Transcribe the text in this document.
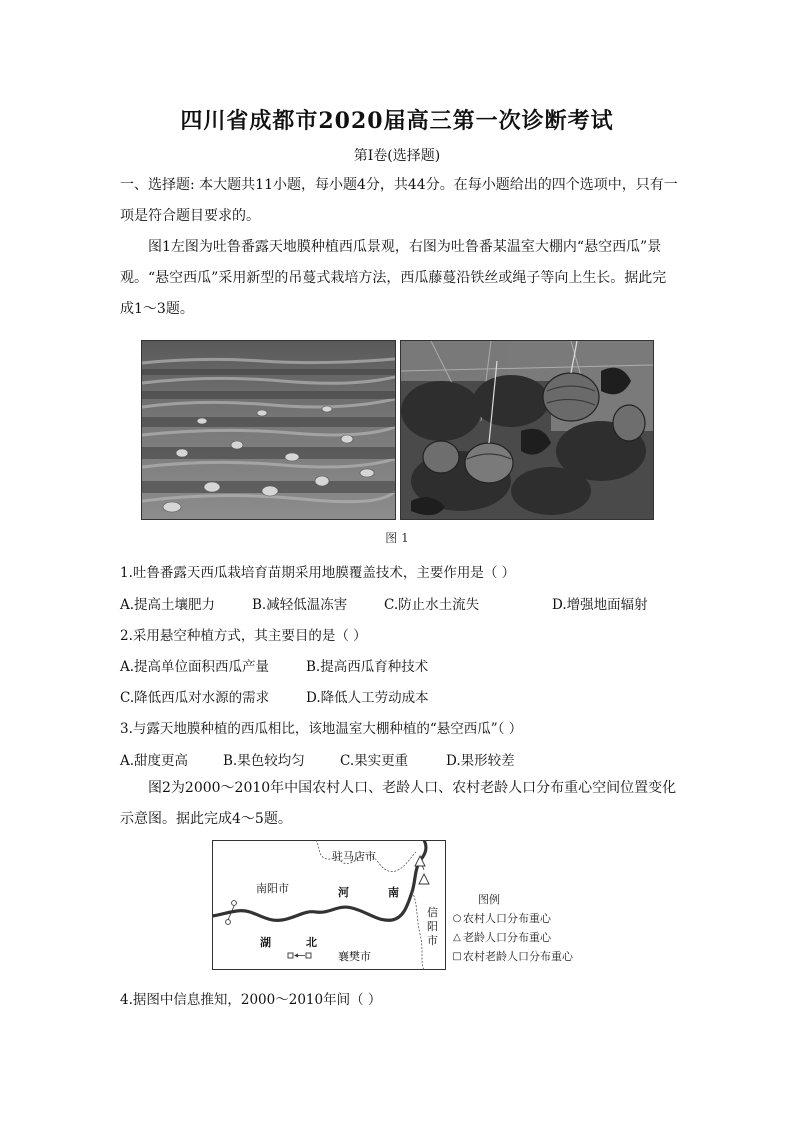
四川省成都市2020届高三第一次诊断考试
第I卷(选择题)

一、选择题: 本大题共11小题，每小题4分，共44分。在每小题给出的四个选项中，只有一项是符合题目要求的。

图1左图为吐鲁番露天地膜种植西瓜景观，右图为吐鲁番某温室大棚内“悬空西瓜”景观。“悬空西瓜”采用新型的吊蔓式栽培方法，西瓜藤蔓沿铁丝或绳子等向上生长。据此完成1～3题。

图 1
1.吐鲁番露天西瓜栽培育苗期采用地膜覆盖技术，主要作用是（ ）
A.提高土壤肥力	B.减轻低温冻害	C.防止水土流失	D.增强地面辐射
2.采用悬空种植方式，其主要目的是（ ）
A.提高单位面积西瓜产量	B.提高西瓜育种技术
C.降低西瓜对水源的需求	D.降低人工劳动成本
3.与露天地膜种植的西瓜相比，该地温室大棚种植的“悬空西瓜”（ ）
A.甜度更高	B.果色较均匀	C.果实更重	D.果形较差

图2为2000～2010年中国农村人口、老龄人口、农村老龄人口分布重心空间位置变化示意图。据此完成4～5题。

驻马店市
南阳市	河	南
信阳市
湖	北
襄樊市
图例
○ 农村人口分布重心
△ 老龄人口分布重心
□ 农村老龄人口分布重心
4.据图中信息推知，2000～2010年间（ ）
